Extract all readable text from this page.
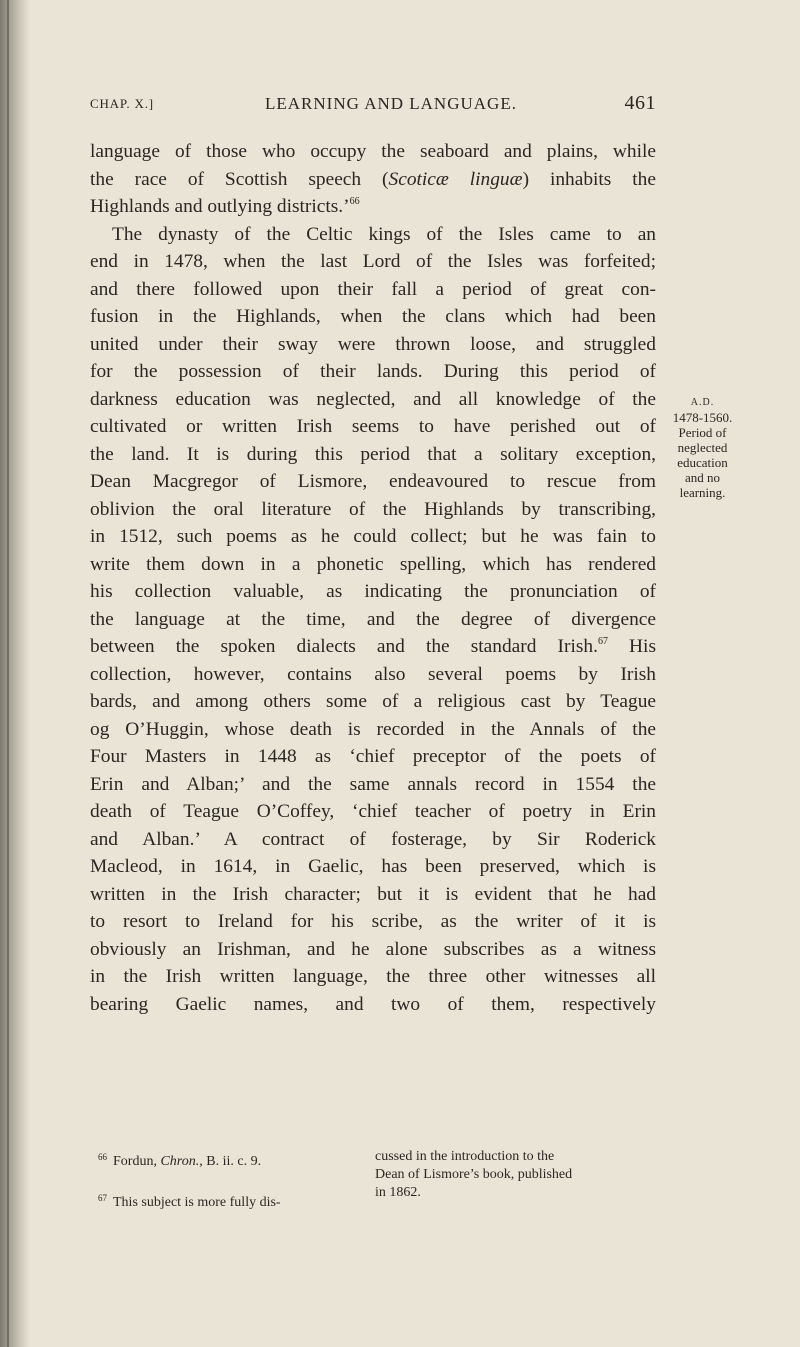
CHAP. X.]	LEARNING AND LANGUAGE.	461
language of those who occupy the seaboard and plains, while
the race of Scottish speech (Scoticæ linguæ) inhabits the
Highlands and outlying districts.’$^{66}$
The dynasty of the Celtic kings of the Isles came to an
end in 1478, when the last Lord of the Isles was forfeited;
and there followed upon their fall a period of great con-
fusion in the Highlands, when the clans which had been
united under their sway were thrown loose, and struggled
for the possession of their lands. During this period of
darkness education was neglected, and all knowledge of the
cultivated or written Irish seems to have perished out of
the land. It is during this period that a solitary exception,
Dean Macgregor of Lismore, endeavoured to rescue from
oblivion the oral literature of the Highlands by transcribing,
in 1512, such poems as he could collect; but he was fain to
write them down in a phonetic spelling, which has rendered
his collection valuable, as indicating the pronunciation of
the language at the time, and the degree of divergence
between the spoken dialects and the standard Irish.$^{67}$ His
collection, however, contains also several poems by Irish
bards, and among others some of a religious cast by Teague
og O’Huggin, whose death is recorded in the Annals of the
Four Masters in 1448 as ‘chief preceptor of the poets of
Erin and Alban;’ and the same annals record in 1554 the
death of Teague O’Coffey, ‘chief teacher of poetry in Erin
and Alban.’ A contract of fosterage, by Sir Roderick
Macleod, in 1614, in Gaelic, has been preserved, which is
written in the Irish character; but it is evident that he had
to resort to Ireland for his scribe, as the writer of it is
obviously an Irishman, and he alone subscribes as a witness
in the Irish written language, the three other witnesses all
bearing Gaelic names, and two of them, respectively
A.D.
1478-1560.
Period of
neglected
education
and no
learning.
$^{66}$ Fordun, Chron., B. ii. c. 9.
$^{67}$ This subject is more fully dis-
cussed in the introduction to the
Dean of Lismore’s book, published
in 1862.
